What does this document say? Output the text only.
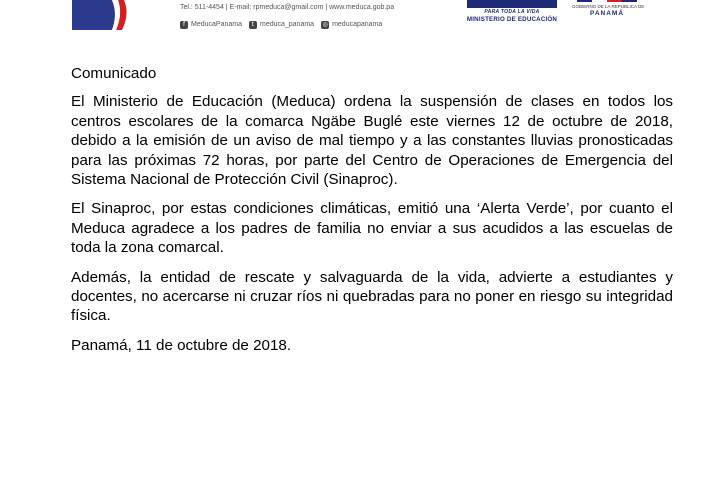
Tel.: 511-4454 | E-mail: rpmeduca@gmail.com | www.meduca.gob.pa
f MeducaPanama	t meduca_panama ◎ meducapanama
PARA TODA LA VIDA
MINISTERIO DE EDUCACIÓN
GOBIERNO DE LA REPÚBLICA DE
PANAMÁ

Comunicado

El Ministerio de Educación (Meduca) ordena la suspensión de clases en todos los centros escolares de la comarca Ngäbe Buglé este viernes 12 de octubre de 2018, debido a la emisión de un aviso de mal tiempo y a las constantes lluvias pronosticadas para las próximas 72 horas, por parte del Centro de Operaciones de Emergencia del Sistema Nacional de Protección Civil (Sinaproc).

El Sinaproc, por estas condiciones climáticas, emitió una ‘Alerta Verde’, por cuanto el Meduca agradece a los padres de familia no enviar a sus acudidos a las escuelas de toda la zona comarcal.

Además, la entidad de rescate y salvaguarda de la vida, advierte a estudiantes y docentes, no acercarse ni cruzar ríos ni quebradas para no poner en riesgo su integridad física.

Panamá, 11 de octubre de 2018.
